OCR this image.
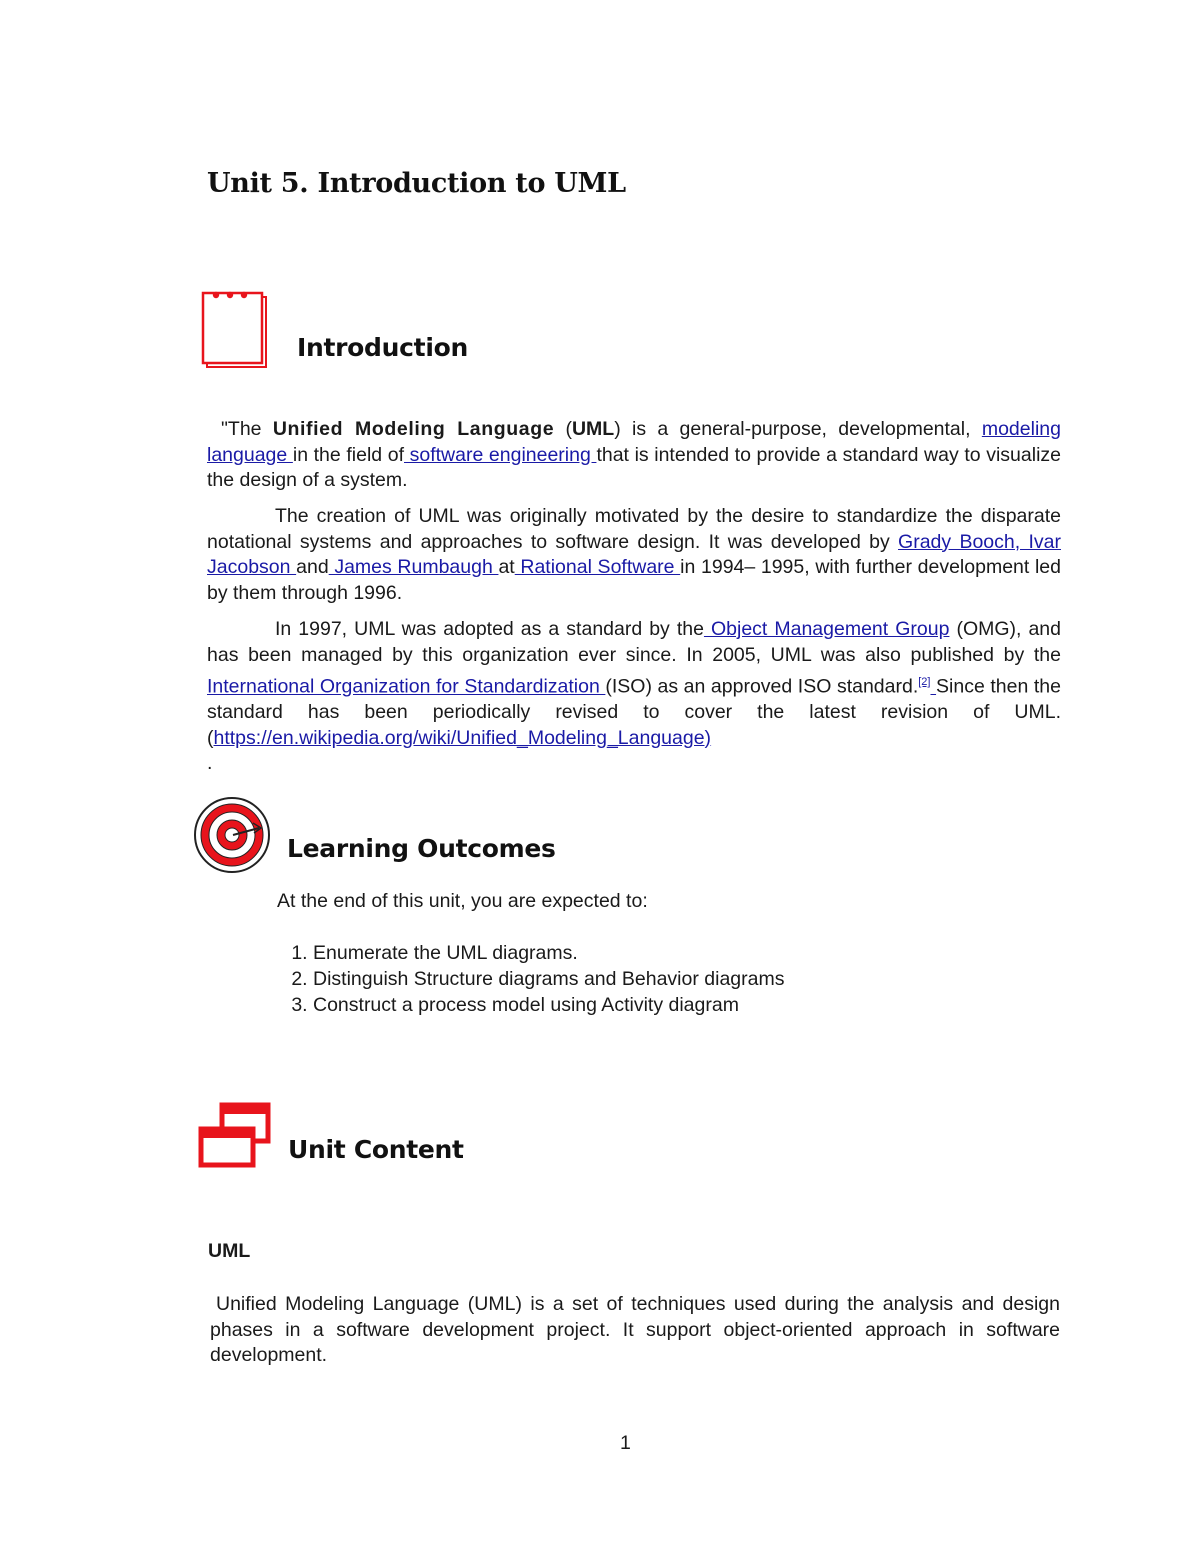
Unit 5. Introduction to UML
Introduction
"The Unified Modeling Language (UML) is a general-purpose, developmental, modeling language in the field of software engineering that is intended to provide a standard way to visualize the design of a system.
The creation of UML was originally motivated by the desire to standardize the disparate notational systems and approaches to software design. It was developed by Grady Booch, Ivar Jacobson and James Rumbaugh at Rational Software in 1994– 1995, with further development led by them through 1996.
In 1997, UML was adopted as a standard by the Object Management Group (OMG), and has been managed by this organization ever since. In 2005, UML was also published by the International Organization for Standardization (ISO) as an approved ISO standard.[2] Since then the standard has been periodically revised to cover the latest revision of UML. (https://en.wikipedia.org/wiki/Unified_Modeling_Language)
.
Learning Outcomes
At the end of this unit, you are expected to:
1. Enumerate the UML diagrams.
2. Distinguish Structure diagrams and Behavior diagrams
3. Construct a process model using Activity diagram
Unit Content
UML
Unified Modeling Language (UML) is a set of techniques used during the analysis and design phases in a software development project. It support object-oriented approach in software development.
1
